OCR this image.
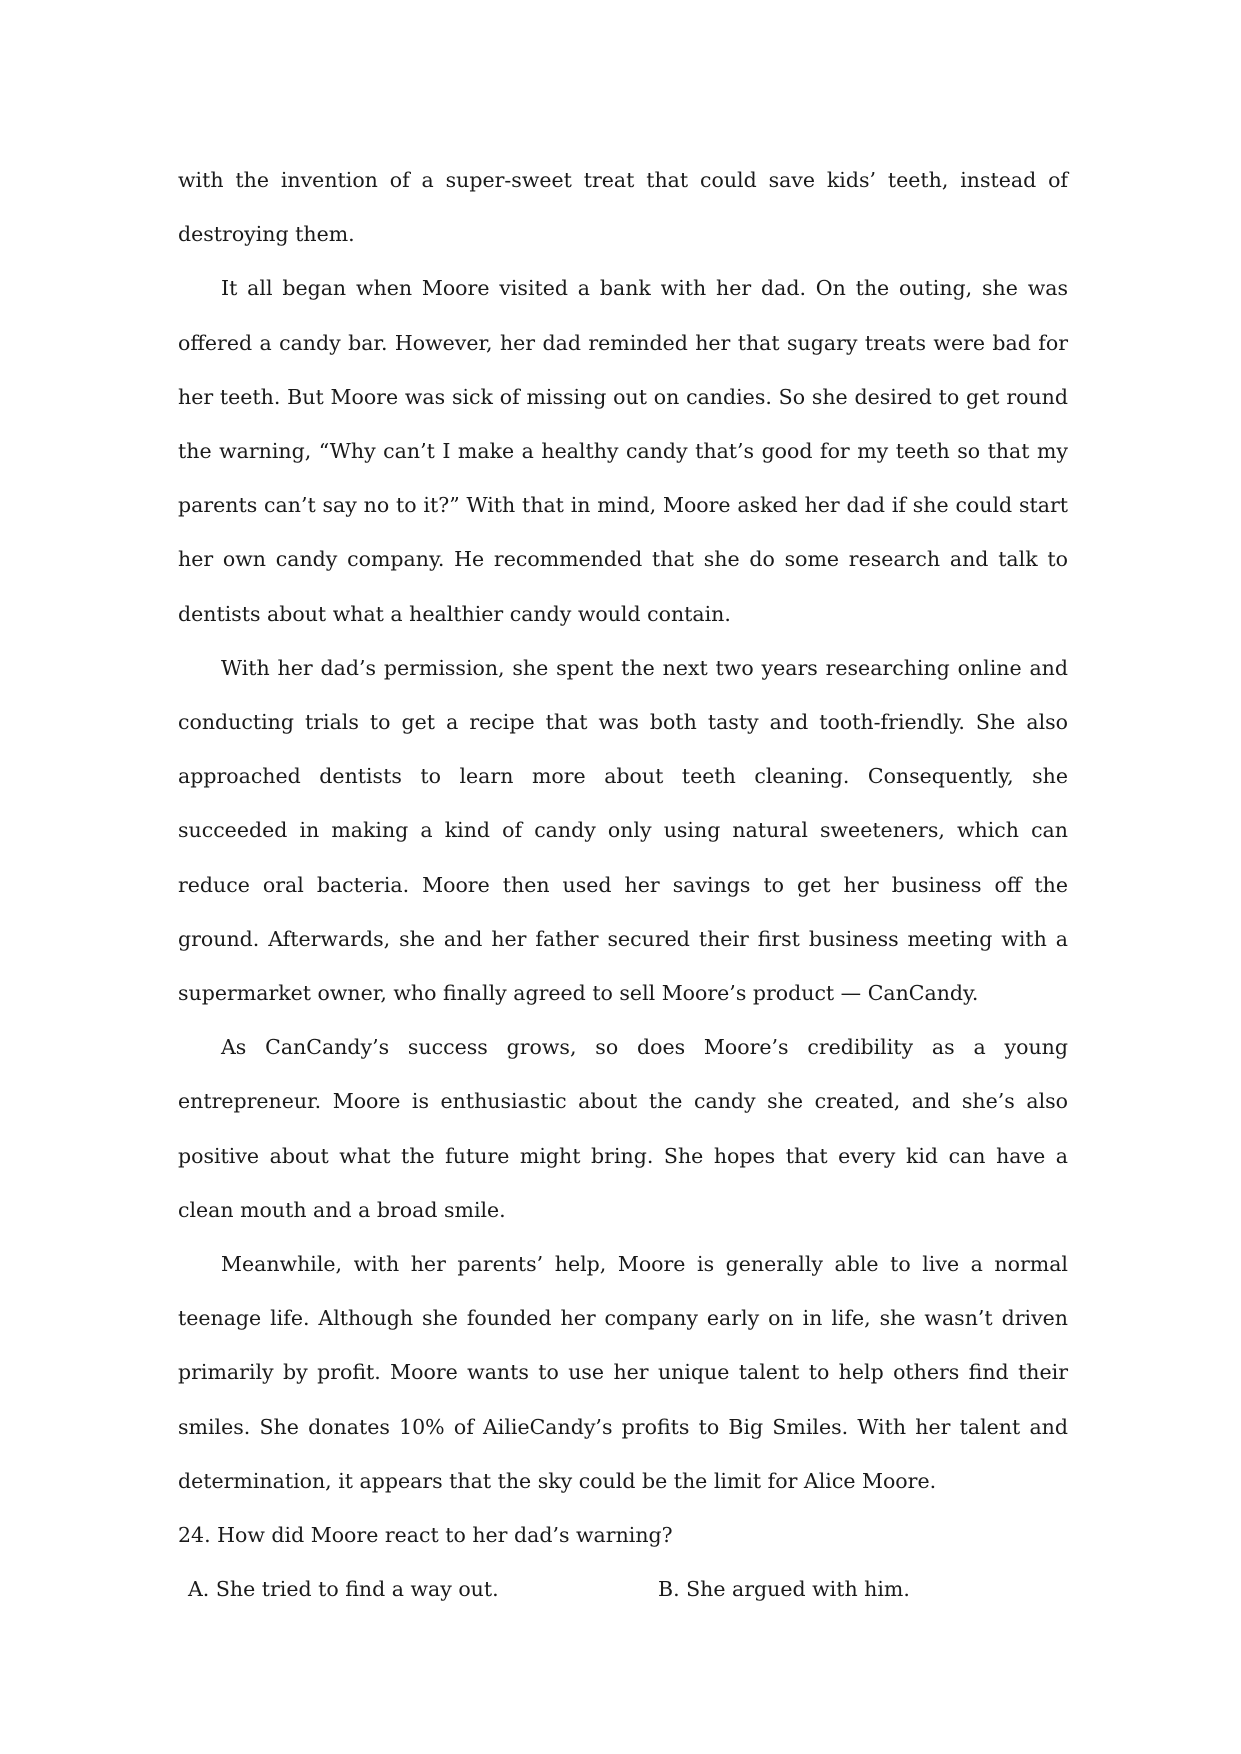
with the invention of a super-sweet treat that could save kids’ teeth, instead of destroying them.

It all began when Moore visited a bank with her dad. On the outing, she was offered a candy bar. However, her dad reminded her that sugary treats were bad for her teeth. But Moore was sick of missing out on candies. So she desired to get round the warning, “Why can’t I make a healthy candy that’s good for my teeth so that my parents can’t say no to it?” With that in mind, Moore asked her dad if she could start her own candy company. He recommended that she do some research and talk to dentists about what a healthier candy would contain.

With her dad’s permission, she spent the next two years researching online and conducting trials to get a recipe that was both tasty and tooth-friendly. She also approached dentists to learn more about teeth cleaning. Consequently, she succeeded in making a kind of candy only using natural sweeteners, which can reduce oral bacteria. Moore then used her savings to get her business off the ground. Afterwards, she and her father secured their first business meeting with a supermarket owner, who finally agreed to sell Moore’s product — CanCandy.

As CanCandy’s success grows, so does Moore’s credibility as a young entrepreneur. Moore is enthusiastic about the candy she created, and she’s also positive about what the future might bring. She hopes that every kid can have a clean mouth and a broad smile.

Meanwhile, with her parents’ help, Moore is generally able to live a normal teenage life. Although she founded her company early on in life, she wasn’t driven primarily by profit. Moore wants to use her unique talent to help others find their smiles. She donates 10% of AilieCandy’s profits to Big Smiles. With her talent and determination, it appears that the sky could be the limit for Alice Moore.

24. How did Moore react to her dad’s warning?

A. She tried to find a way out.	B. She argued with him.
